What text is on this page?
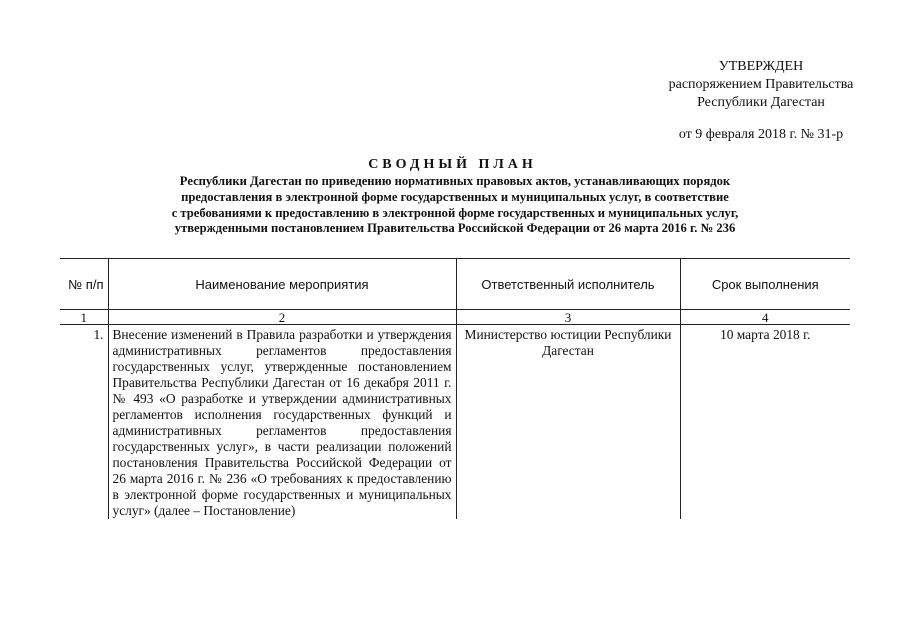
УТВЕРЖДЕН
распоряжением Правительства
Республики Дагестан
от 9 февраля 2018 г. № 31-р
СВОДНЫЙ ПЛАН
Республики Дагестан по приведению нормативных правовых актов, устанавливающих порядок
предоставления в электронной форме государственных и муниципальных услуг, в соответствие
с требованиями к предоставлению в электронной форме государственных и муниципальных услуг,
утвержденными постановлением Правительства Российской Федерации от 26 марта 2016 г. № 236
№ п/п	Наименование мероприятия	Ответственный исполнитель	Срок выполнения
1	2	3	4
1.	Внесение изменений в Правила разработки и утверждения административных регламентов предоставления государственных услуг, утвержденные постановлением Правительства Республики Дагестан от 16 декабря 2011 г. № 493 «О разработке и утверждении административных регламентов исполнения государственных функций и административных регламентов предоставления государственных услуг», в части реализации положений постановления Правительства Российской Федерации от 26 марта 2016 г. № 236 «О требованиях к предоставлению в электронной форме государственных и муниципальных услуг» (далее – Постановление)	Министерство юстиции Республики Дагестан	10 марта 2018 г.
